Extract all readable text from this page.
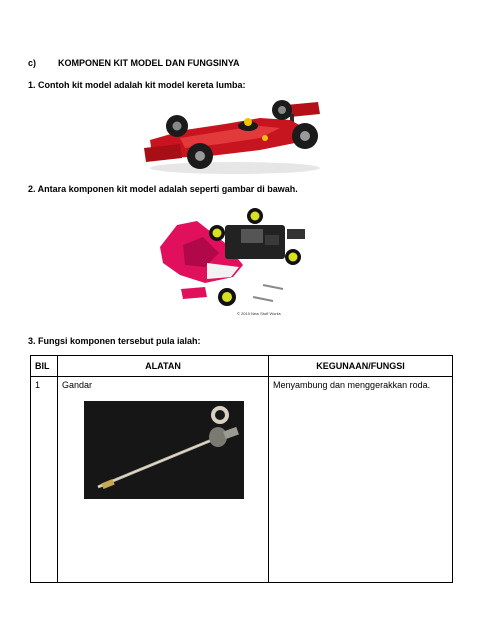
c) KOMPONEN KIT MODEL DAN FUNGSINYA
1. Contoh kit model adalah kit model kereta lumba:
2. Antara komponen kit model adalah seperti gambar di bawah.
© 2010 New Stuff Works
3. Fungsi komponen tersebut pula ialah:
BIL	ALATAN	KEGUNAAN/FUNGSI
1	Gandar	Menyambung dan menggerakkan roda.
